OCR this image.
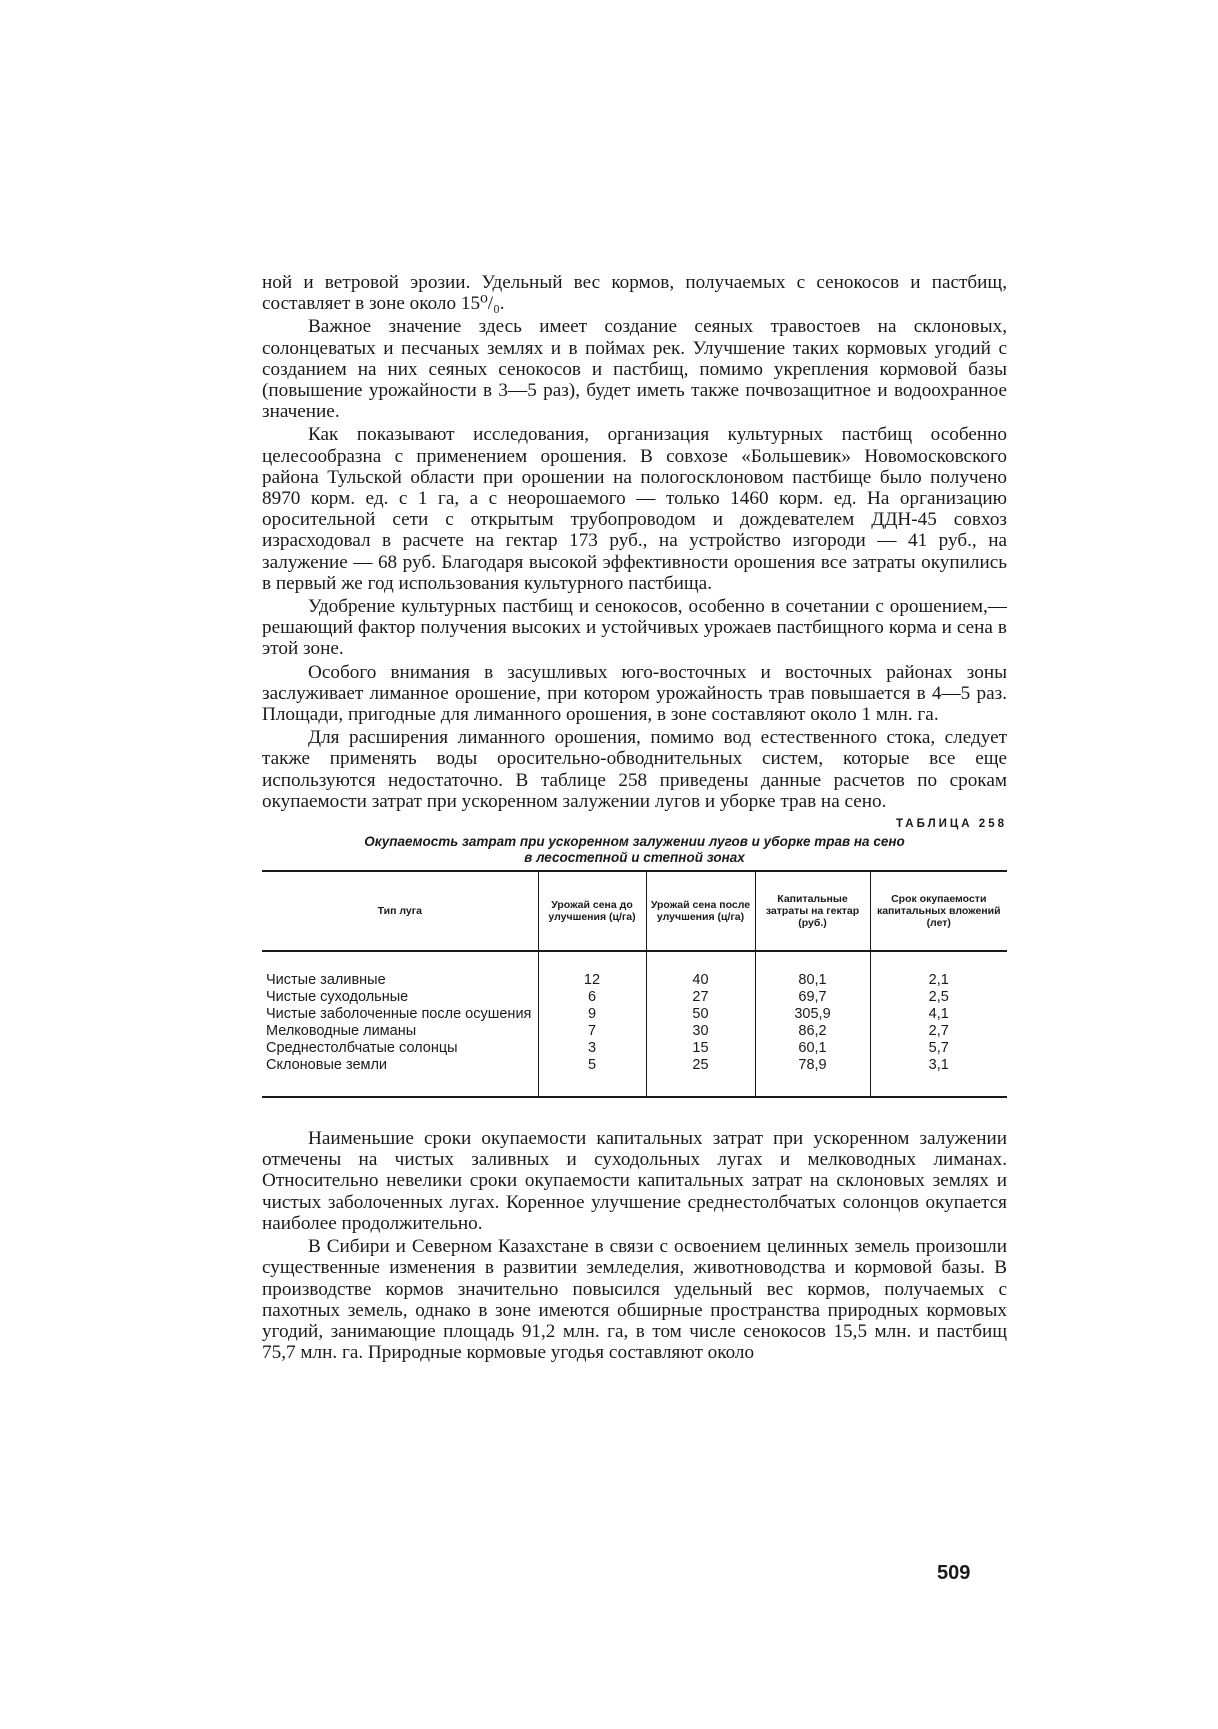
ной и ветровой эрозии. Удельный вес кормов, получаемых с сенокосов и пастбищ, составляет в зоне около 15⁰/₀.

Важное значение здесь имеет создание сеяных травостоев на склоновых, солонцеватых и песчаных землях и в поймах рек. Улучшение таких кормовых угодий с созданием на них сеяных сенокосов и пастбищ, помимо укрепления кормовой базы (повышение урожайности в 3—5 раз), будет иметь также почвозащитное и водоохранное значение.

Как показывают исследования, организация культурных пастбищ особенно целесообразна с применением орошения. В совхозе «Большевик» Новомосковского района Тульской области при орошении на пологосклоновом пастбище было получено 8970 корм. ед. с 1 га, а с неорошаемого — только 1460 корм. ед. На организацию оросительной сети с открытым трубопроводом и дождевателем ДДН-45 совхоз израсходовал в расчете на гектар 173 руб., на устройство изгороди — 41 руб., на залужение — 68 руб. Благодаря высокой эффективности орошения все затраты окупились в первый же год использования культурного пастбища.

Удобрение культурных пастбищ и сенокосов, особенно в сочетании с орошением,— решающий фактор получения высоких и устойчивых урожаев пастбищного корма и сена в этой зоне.

Особого внимания в засушливых юго-восточных и восточных районах зоны заслуживает лиманное орошение, при котором урожайность трав повышается в 4—5 раз. Площади, пригодные для лиманного орошения, в зоне составляют около 1 млн. га.

Для расширения лиманного орошения, помимо вод естественного стока, следует также применять воды оросительно-обводнительных систем, которые все еще используются недостаточно. В таблице 258 приведены данные расчетов по срокам окупаемости затрат при ускоренном залужении лугов и уборке трав на сено.

ТАБЛИЦА 258
Окупаемость затрат при ускоренном залужении лугов и уборке трав на сено
в лесостепной и степной зонах
Тип луга	Урожай сена до улучшения (ц/га)	Урожай сена после улучшения (ц/га)	Капитальные затраты на гектар (руб.)	Срок окупаемости капитальных вложений (лет)
Чистые заливные	12	40	80,1	2,1
Чистые суходольные	6	27	69,7	2,5
Чистые заболоченные после осушения	9	50	305,9	4,1
Мелководные лиманы	7	30	86,2	2,7
Среднестолбчатые солонцы	3	15	60,1	5,7
Склоновые земли	5	25	78,9	3,1

Наименьшие сроки окупаемости капитальных затрат при ускоренном залужении отмечены на чистых заливных и суходольных лугах и мелководных лиманах. Относительно невелики сроки окупаемости капитальных затрат на склоновых землях и чистых заболоченных лугах. Коренное улучшение среднестолбчатых солонцов окупается наиболее продолжительно.

В Сибири и Северном Казахстане в связи с освоением целинных земель произошли существенные изменения в развитии земледелия, животноводства и кормовой базы. В производстве кормов значительно повысился удельный вес кормов, получаемых с пахотных земель, однако в зоне имеются обширные пространства природных кормовых угодий, занимающие площадь 91,2 млн. га, в том числе сенокосов 15,5 млн. и пастбищ 75,7 млн. га. Природные кормовые угодья составляют около

509
